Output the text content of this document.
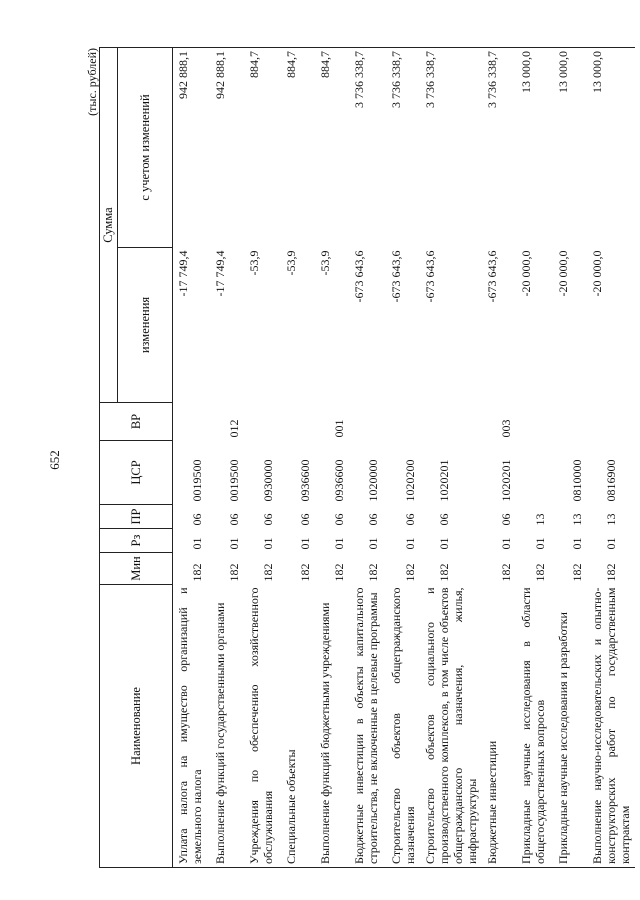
652
(тыс. рублей)
Наименование	Мин	Рз	ПР	ЦСР	ВР	Сумма	
						изменения	с учетом изменений
Уплата налога на имущество организаций и земельного налога	182	01	06	0019500		-17 749,4	942 888,1
Выполнение функций государственными органами	182	01	06	0019500	012	-17 749,4	942 888,1
Учреждения по обеспечению хозяйственного обслуживания	182	01	06	0930000		-53,9	884,7
Специальные объекты	182	01	06	0936600		-53,9	884,7
Выполнение функций бюджетными учреждениями	182	01	06	0936600	001	-53,9	884,7
Бюджетные инвестиции в объекты капитального строительства, не включенные в целевые программы	182	01	06	1020000		-673 643,6	3 736 338,7
Строительство объектов общегражданского назначения	182	01	06	1020200		-673 643,6	3 736 338,7
Строительство объектов социального и производственного комплексов, в том числе объектов общегражданского назначения, жилья, инфраструктуры	182	01	06	1020201		-673 643,6	3 736 338,7
Бюджетные инвестиции	182	01	06	1020201	003	-673 643,6	3 736 338,7
Прикладные научные исследования в области общегосударственных вопросов	182	01	13			-20 000,0	13 000,0
Прикладные научные исследования и разработки	182	01	13	0810000		-20 000,0	13 000,0
Выполнение научно-исследовательских и опытно-конструкторских работ по государственным контрактам	182	01	13	0816900		-20 000,0	13 000,0
